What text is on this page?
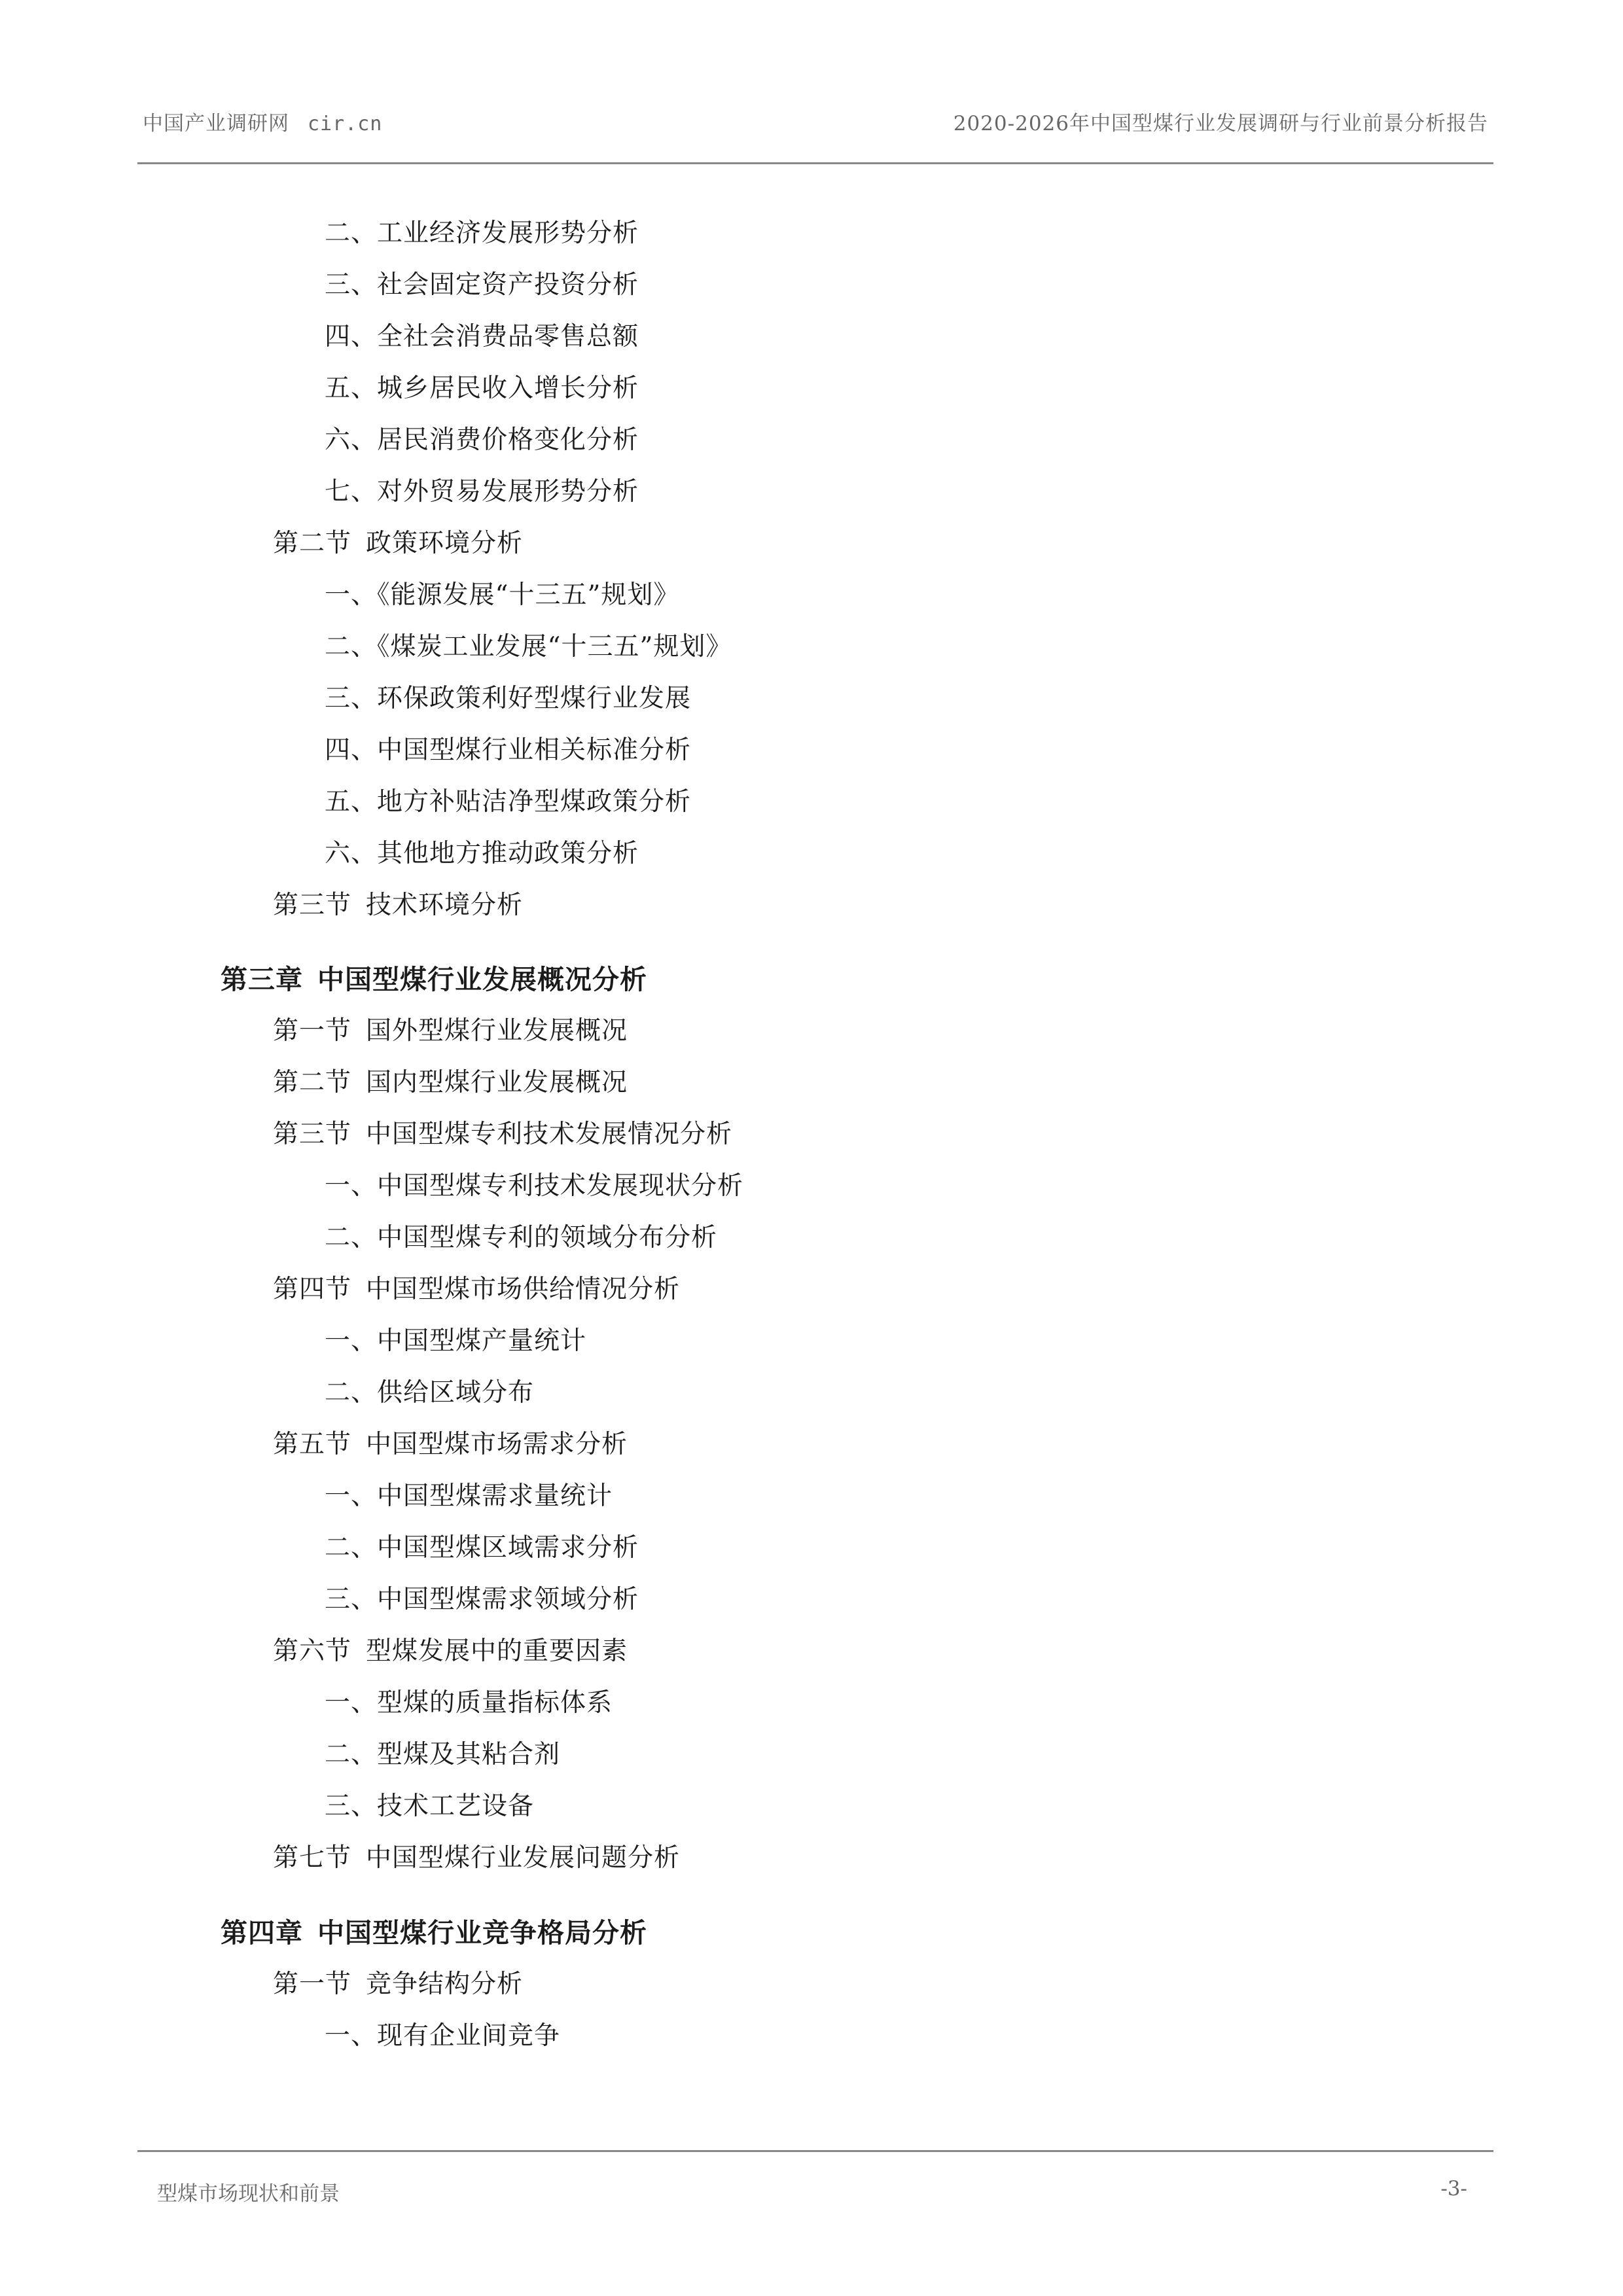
中国产业调研网 cir.cn	2020-2026年中国型煤行业发展调研与行业前景分析报告
二、工业经济发展形势分析
三、社会固定资产投资分析
四、全社会消费品零售总额
五、城乡居民收入增长分析
六、居民消费价格变化分析
七、对外贸易发展形势分析
第二节 政策环境分析
一、《能源发展“十三五”规划》
二、《煤炭工业发展“十三五”规划》
三、环保政策利好型煤行业发展
四、中国型煤行业相关标准分析
五、地方补贴洁净型煤政策分析
六、其他地方推动政策分析
第三节 技术环境分析
第三章 中国型煤行业发展概况分析
第一节 国外型煤行业发展概况
第二节 国内型煤行业发展概况
第三节 中国型煤专利技术发展情况分析
一、中国型煤专利技术发展现状分析
二、中国型煤专利的领域分布分析
第四节 中国型煤市场供给情况分析
一、中国型煤产量统计
二、供给区域分布
第五节 中国型煤市场需求分析
一、中国型煤需求量统计
二、中国型煤区域需求分析
三、中国型煤需求领域分析
第六节 型煤发展中的重要因素
一、型煤的质量指标体系
二、型煤及其粘合剂
三、技术工艺设备
第七节 中国型煤行业发展问题分析
第四章 中国型煤行业竞争格局分析
第一节 竞争结构分析
一、现有企业间竞争
型煤市场现状和前景	-3-
